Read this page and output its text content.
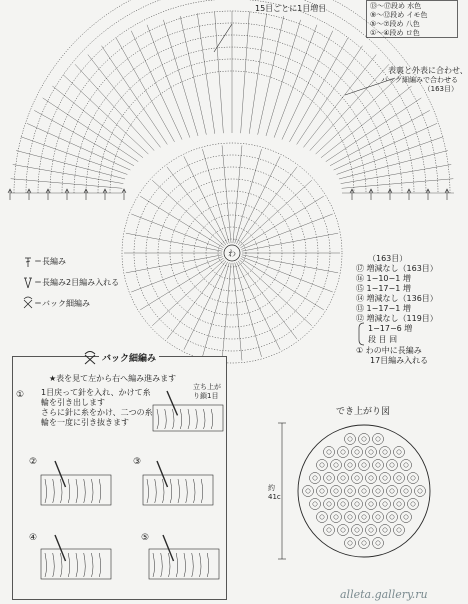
⑬〜⑰段め 水色
⑨〜⑫段め イモ色
⑤〜⑦段め 八色
①〜④段め ロ色
15目ごとに1目増目
表裏と外表に合わせ、
バック細編みで合わせる（163目）
わ
＝長編み
＝長編み2目編み入れる
＝バック細編み
（163目）
⑰ 増減なし（163目）
⑯ 1−10−1 増
⑮ 1−17−1 増
⑭ 増減なし（136目）
⑬ 1−17−1 増
⑫ 増減なし（119目）
1−17−6 増
段 目 回
① わの中に長編み
17目編み入れる
バック細編み
★表を見て左から右へ編み進みます
1目戻って針を入れ、かけて糸
輪を引き出します
さらに針に糸をかけ、二つの糸
輪を一度に引き抜きます
立ち上がり鎖1目
①
②	③
④	⑤
でき上がり図
約41c
alleta.gallery.ru
